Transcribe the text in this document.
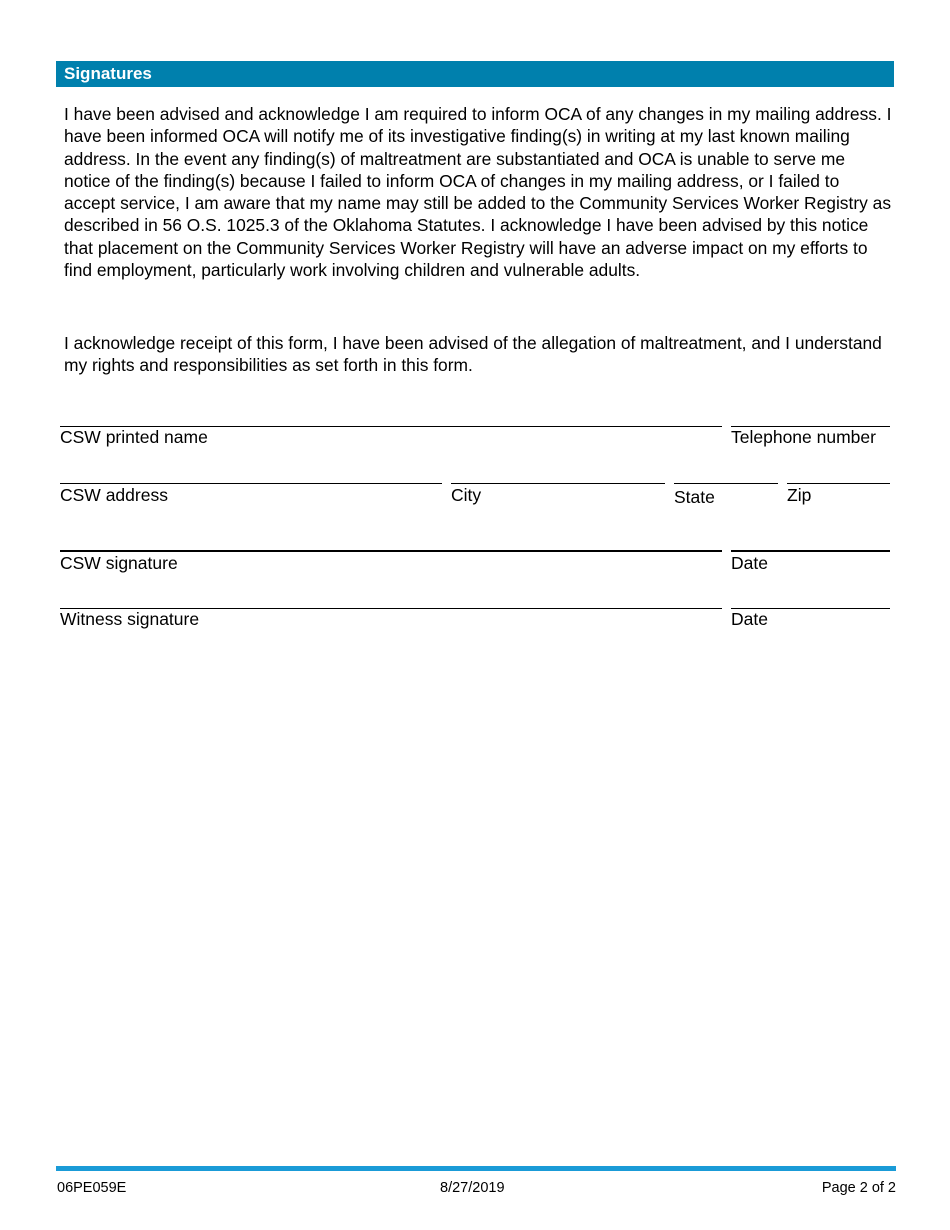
Signatures

I have been advised and acknowledge I am required to inform OCA of any changes in my mailing address. I have been informed OCA will notify me of its investigative finding(s) in writing at my last known mailing address. In the event any finding(s) of maltreatment are substantiated and OCA is unable to serve me notice of the finding(s) because I failed to inform OCA of changes in my mailing address, or I failed to accept service, I am aware that my name may still be added to the Community Services Worker Registry as described in 56 O.S. 1025.3 of the Oklahoma Statutes. I acknowledge I have been advised by this notice that placement on the Community Services Worker Registry will have an adverse impact on my efforts to find employment, particularly work involving children and vulnerable adults.

I acknowledge receipt of this form, I have been advised of the allegation of maltreatment, and I understand my rights and responsibilities as set forth in this form.

CSW printed name	Telephone number
CSW address	City	State	Zip
CSW signature	Date
Witness signature	Date
06PE059E	8/27/2019	Page 2 of 2
